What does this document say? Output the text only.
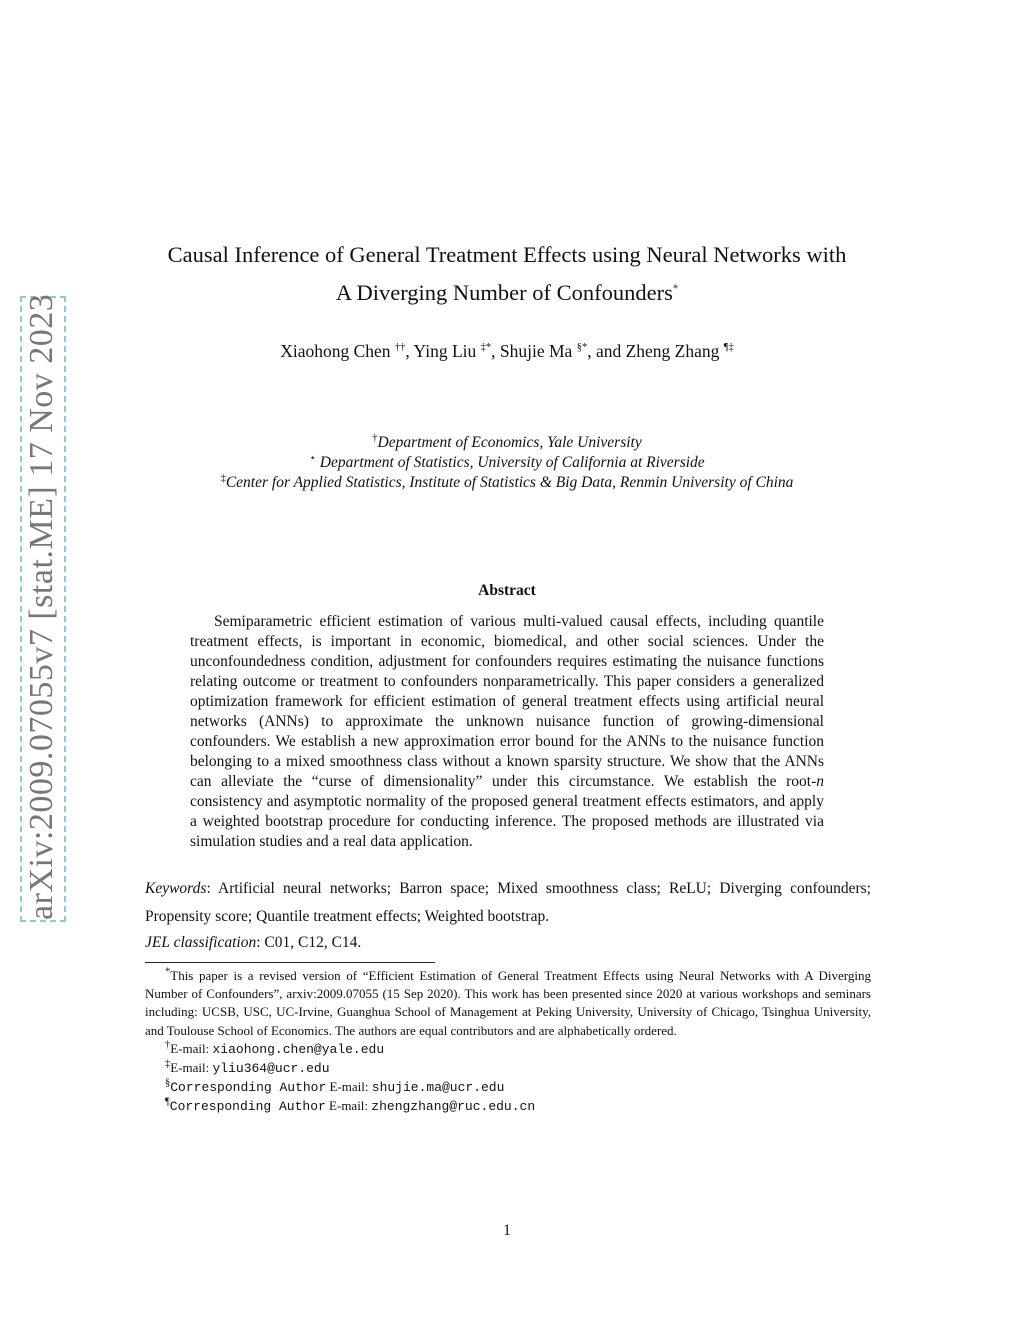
arXiv:2009.07055v7 [stat.ME] 17 Nov 2023
Causal Inference of General Treatment Effects using Neural Networks with
A Diverging Number of Confounders*
Xiaohong Chen ††, Ying Liu ‡*, Shujie Ma §*, and Zheng Zhang ¶‡
†Department of Economics, Yale University
⋆ Department of Statistics, University of California at Riverside
‡Center for Applied Statistics, Institute of Statistics & Big Data, Renmin University of China
Abstract
Semiparametric efficient estimation of various multi-valued causal effects, including quantile treatment effects, is important in economic, biomedical, and other social sciences. Under the unconfoundedness condition, adjustment for confounders requires estimating the nuisance functions relating outcome or treatment to confounders nonparametrically. This paper considers a generalized optimization framework for efficient estimation of general treatment effects using artificial neural networks (ANNs) to approximate the unknown nuisance function of growing-dimensional confounders. We establish a new approximation error bound for the ANNs to the nuisance function belonging to a mixed smoothness class without a known sparsity structure. We show that the ANNs can alleviate the “curse of dimensionality” under this circumstance. We establish the root-n consistency and asymptotic normality of the proposed general treatment effects estimators, and apply a weighted bootstrap procedure for conducting inference. The proposed methods are illustrated via simulation studies and a real data application.
Keywords: Artificial neural networks; Barron space; Mixed smoothness class; ReLU; Diverging confounders; Propensity score; Quantile treatment effects; Weighted bootstrap.
JEL classification: C01, C12, C14.
*This paper is a revised version of “Efficient Estimation of General Treatment Effects using Neural Networks with A Diverging Number of Confounders”, arxiv:2009.07055 (15 Sep 2020). This work has been presented since 2020 at various workshops and seminars including: UCSB, USC, UC-Irvine, Guanghua School of Management at Peking University, University of Chicago, Tsinghua University, and Toulouse School of Economics. The authors are equal contributors and are alphabetically ordered.
†E-mail: xiaohong.chen@yale.edu
‡E-mail: yliu364@ucr.edu
§Corresponding Author E-mail: shujie.ma@ucr.edu
¶Corresponding Author E-mail: zhengzhang@ruc.edu.cn
1
